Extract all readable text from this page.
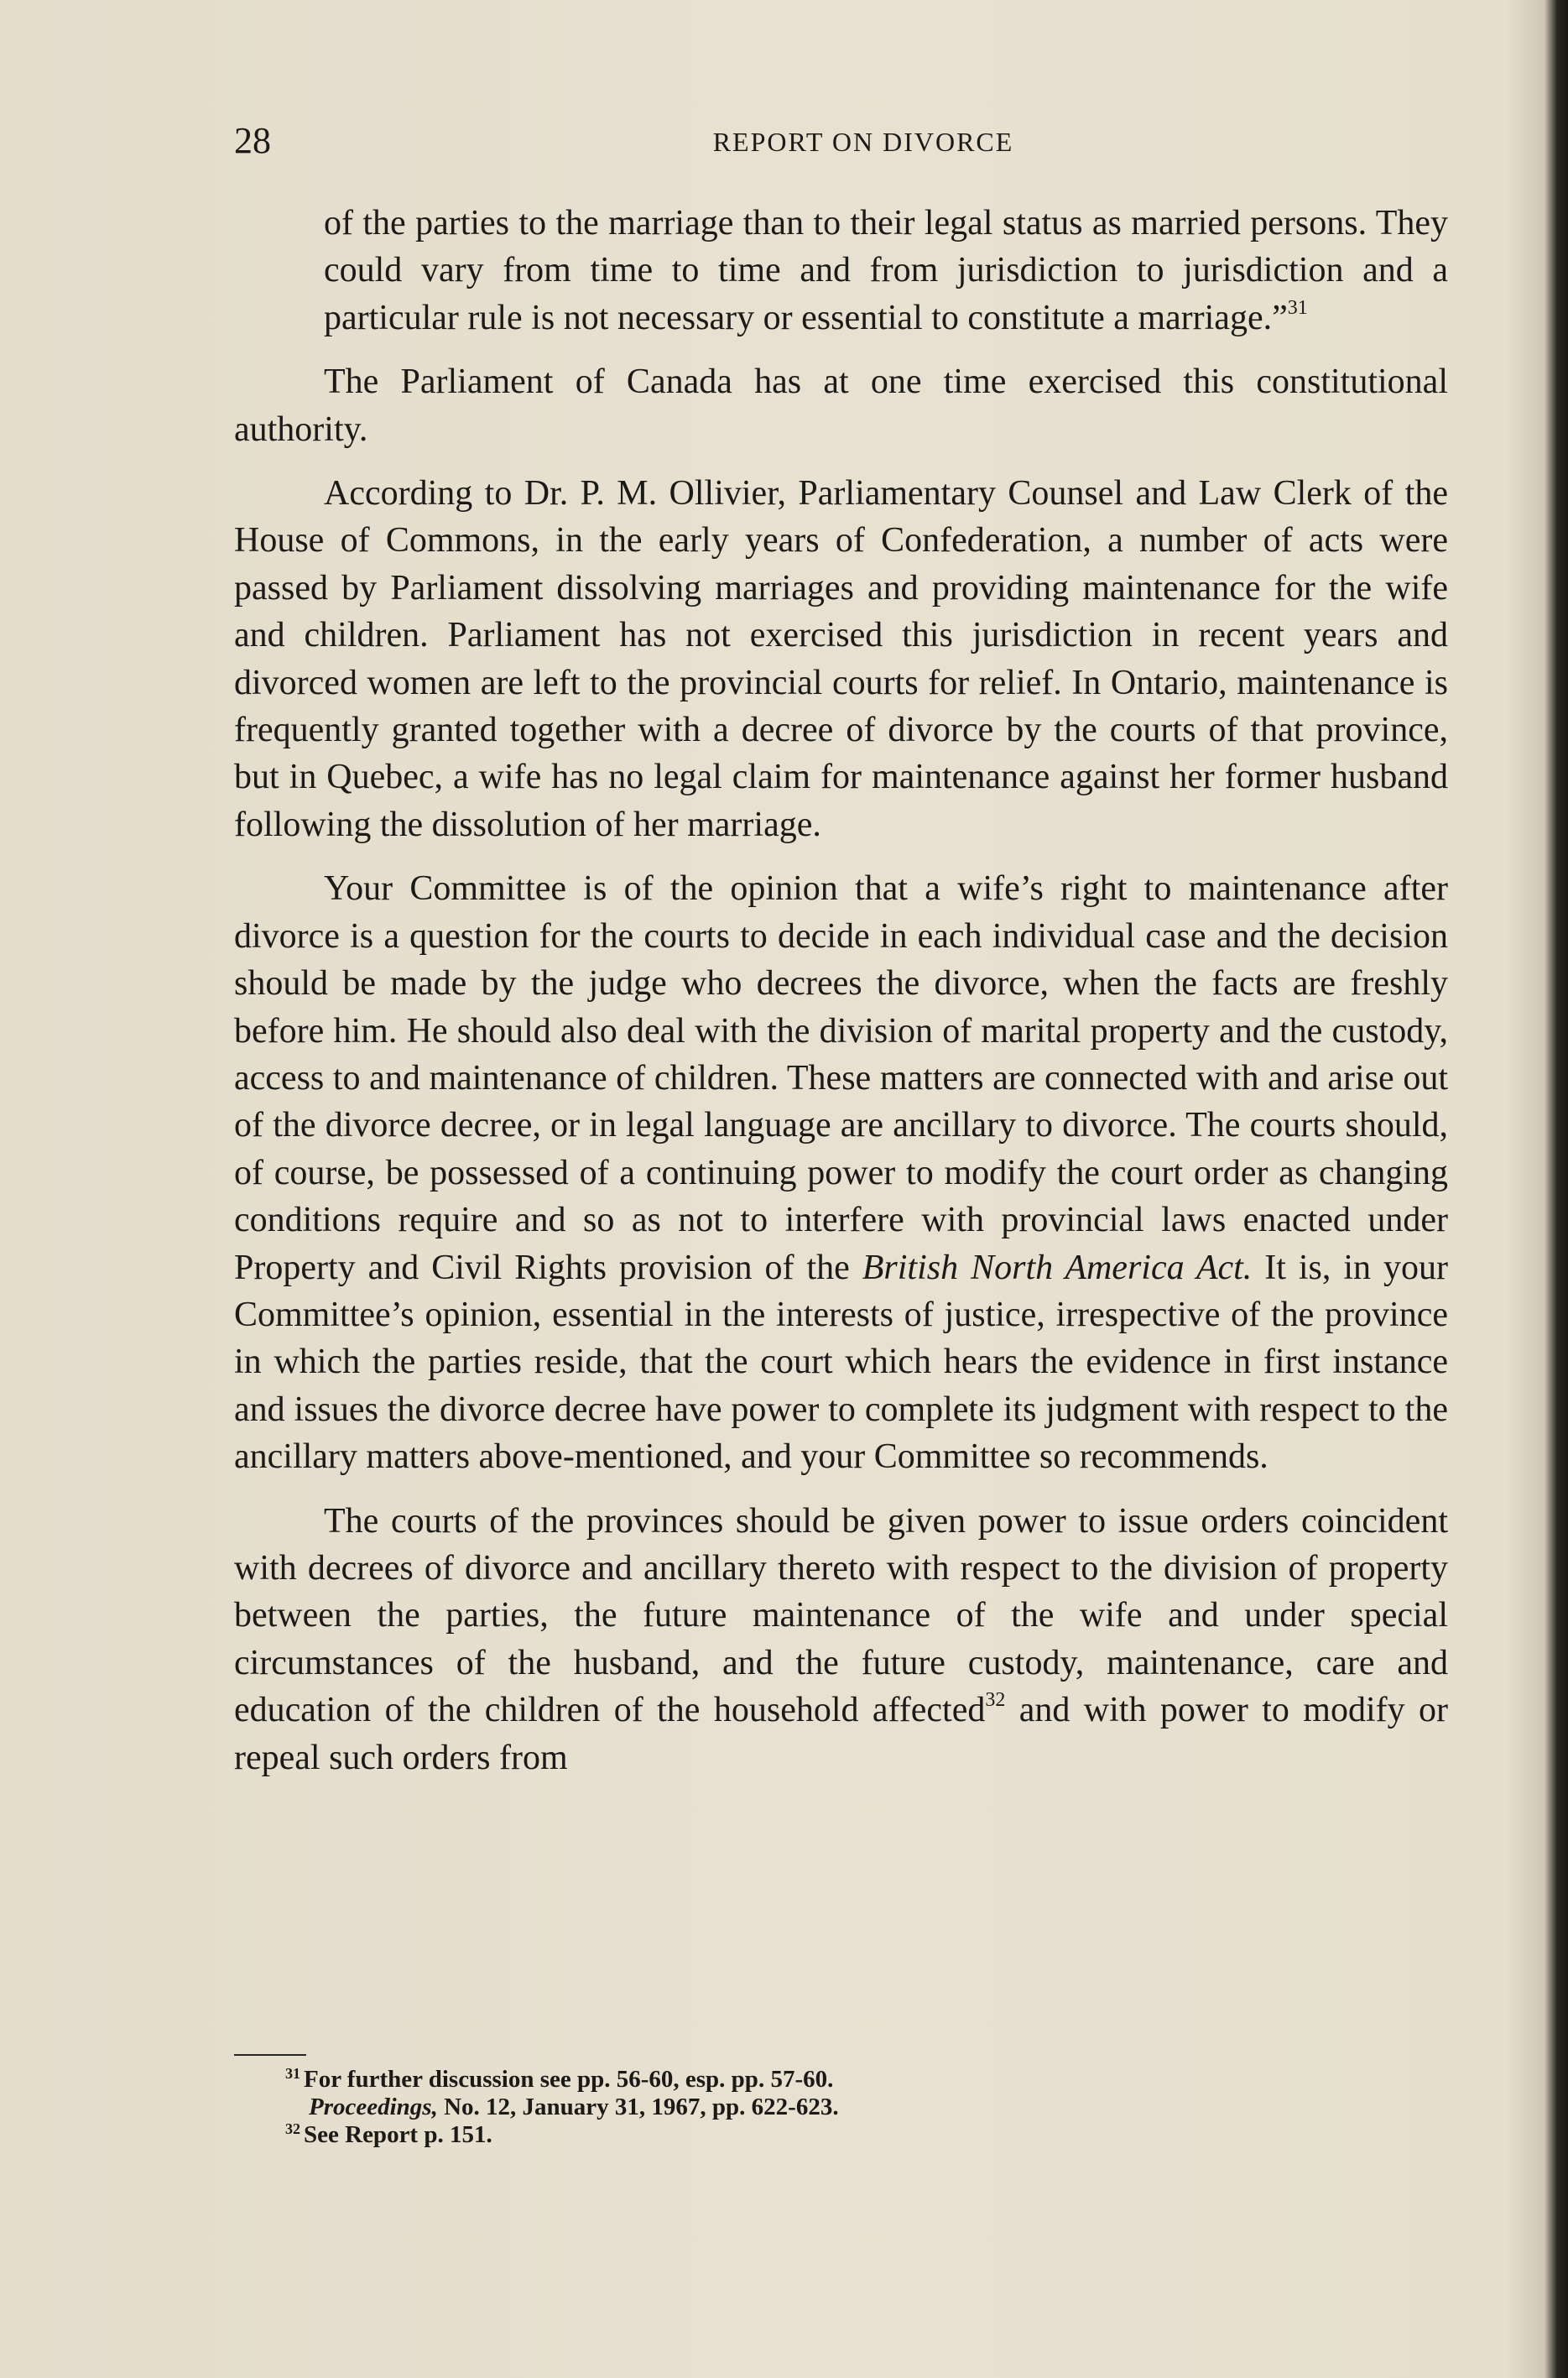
28	REPORT ON DIVORCE

of the parties to the marriage than to their legal status as married persons. They could vary from time to time and from jurisdiction to jurisdiction and a particular rule is not necessary or essential to constitute a marriage.”$^{31}$

The Parliament of Canada has at one time exercised this constitutional authority.

According to Dr. P. M. Ollivier, Parliamentary Counsel and Law Clerk of the House of Commons, in the early years of Confederation, a number of acts were passed by Parliament dissolving marriages and providing maintenance for the wife and children. Parliament has not exercised this jurisdiction in recent years and divorced women are left to the provincial courts for relief. In Ontario, maintenance is frequently granted together with a decree of divorce by the courts of that province, but in Quebec, a wife has no legal claim for maintenance against her former husband following the dissolution of her marriage.

Your Committee is of the opinion that a wife’s right to maintenance after divorce is a question for the courts to decide in each individual case and the decision should be made by the judge who decrees the divorce, when the facts are freshly before him. He should also deal with the division of marital property and the custody, access to and maintenance of children. These matters are connected with and arise out of the divorce decree, or in legal language are ancillary to divorce. The courts should, of course, be possessed of a continuing power to modify the court order as changing conditions require and so as not to interfere with provincial laws enacted under Property and Civil Rights provision of the British North America Act. It is, in your Committee’s opinion, essential in the interests of justice, irrespective of the province in which the parties reside, that the court which hears the evidence in first instance and issues the divorce decree have power to complete its judgment with respect to the ancillary matters above-mentioned, and your Committee so recommends.

The courts of the provinces should be given power to issue orders coincident with decrees of divorce and ancillary thereto with respect to the division of property between the parties, the future maintenance of the wife and under special circumstances of the husband, and the future custody, maintenance, care and education of the children of the household affected$^{32}$ and with power to modify or repeal such orders from

$^{31}$ For further discussion see pp. 56-60, esp. pp. 57-60.
Proceedings, No. 12, January 31, 1967, pp. 622-623.
$^{32}$ See Report p. 151.
